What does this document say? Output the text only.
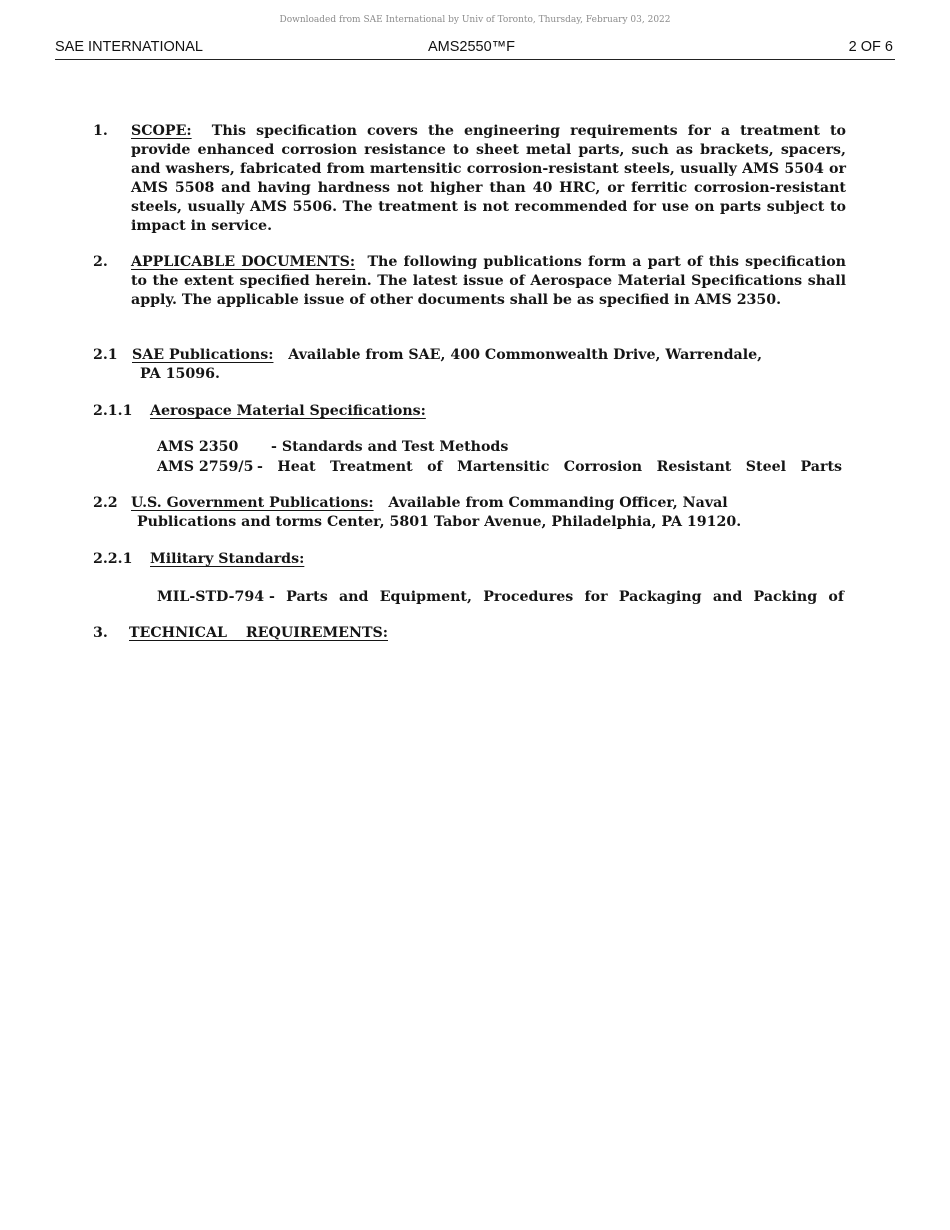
Downloaded from SAE International by Univ of Toronto, Thursday, February 03, 2022
SAE INTERNATIONAL	AMS2550™F	2 OF 6
1. SCOPE: This specification covers the engineering requirements for a treatment to provide enhanced corrosion resistance to sheet metal parts, such as brackets, spacers, and washers, fabricated from martensitic corrosion-resistant steels, usually AMS 5504 or AMS 5508 and having hardness not higher than 40 HRC, or ferritic corrosion-resistant steels, usually AMS 5506. The treatment is not recommended for use on parts subject to impact in service.
2. APPLICABLE DOCUMENTS: The following publications form a part of this specification to the extent specified herein. The latest issue of Aerospace Material Specifications shall apply. The applicable issue of other documents shall be as specified in AMS 2350.
2.1 SAE Publications: Available from SAE, 400 Commonwealth Drive, Warrendale,
PA 15096.
2.1.1 Aerospace Material Specifications:
AMS 2350 - Standards and Test Methods
AMS 2759/5 - Heat Treatment of Martensitic Corrosion Resistant Steel Parts
2.2 U.S. Government Publications: Available from Commanding Officer, Naval
Publications and torms Center, 5801 Tabor Avenue, Philadelphia, PA 19120.
2.2.1 Military Standards:
MIL-STD-794 - Parts and Equipment, Procedures for Packaging and Packing of
3. TECHNICAL REQUIREMENTS:
